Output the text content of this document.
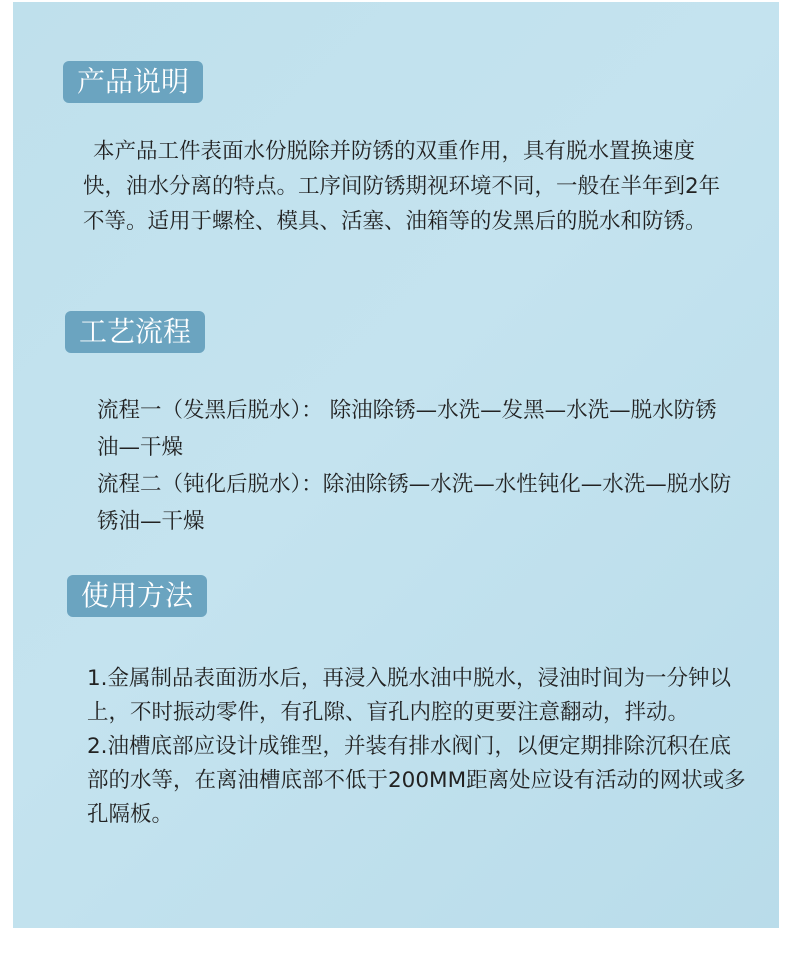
产品说明
本产品工件表面水份脱除并防锈的双重作用，具有脱水置换速度快，油水分离的特点。工序间防锈期视环境不同，一般在半年到2年不等。适用于螺栓、模具、活塞、油箱等的发黑后的脱水和防锈。
工艺流程

流程一（发黑后脱水）： 除油除锈—水洗—发黑—水洗—脱水防锈油—干燥

流程二（钝化后脱水）：除油除锈—水洗—水性钝化—水洗—脱水防锈油—干燥

使用方法

1.金属制品表面沥水后，再浸入脱水油中脱水，浸油时间为一分钟以上，不时振动零件，有孔隙、盲孔内腔的更要注意翻动，拌动。

2.油槽底部应设计成锥型，并装有排水阀门，以便定期排除沉积在底部的水等，在离油槽底部不低于200MM距离处应设有活动的网状或多孔隔板。
